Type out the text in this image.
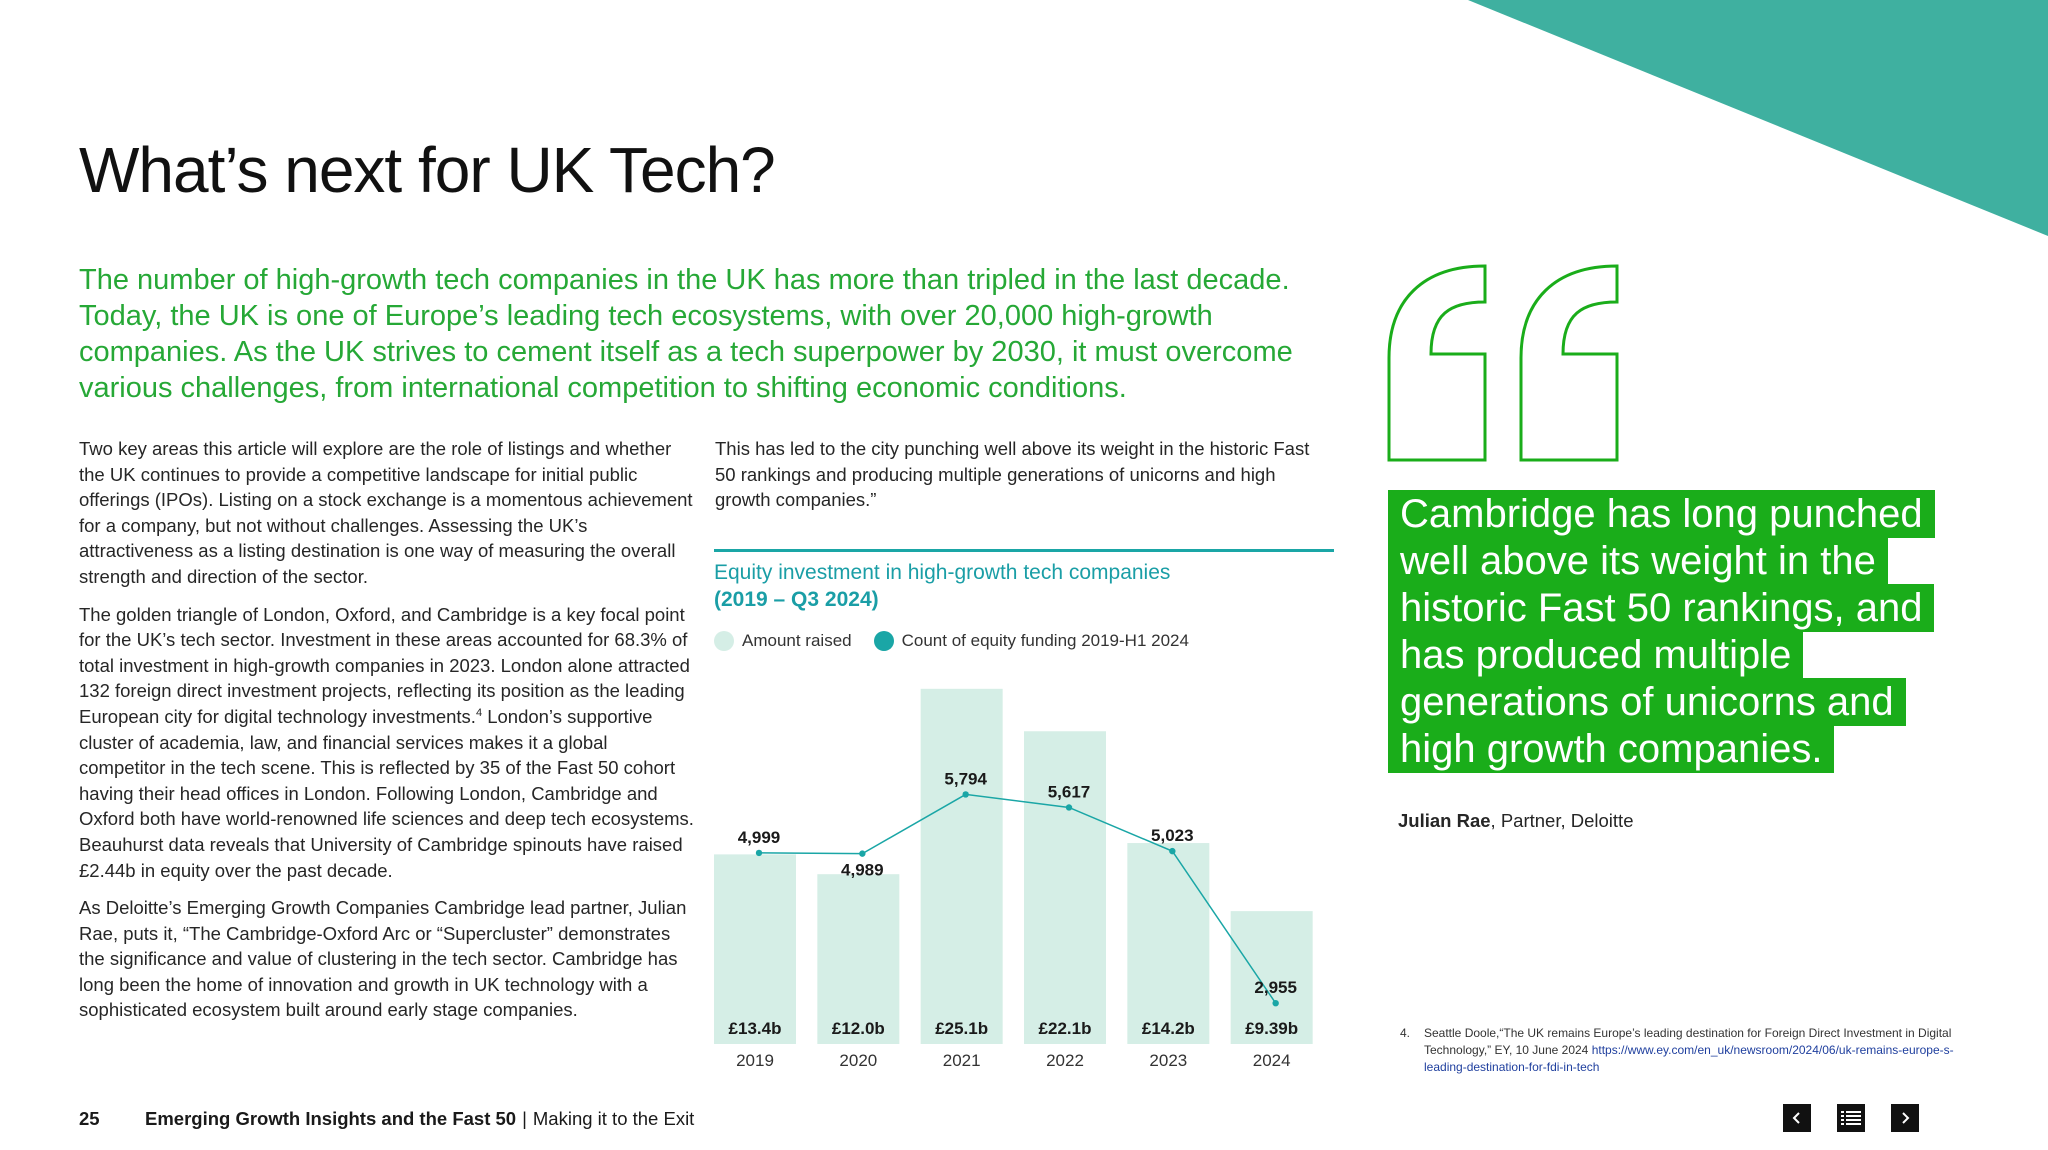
What’s next for UK Tech?
The number of high-growth tech companies in the UK has more than tripled in the last decade. Today, the UK is one of Europe’s leading tech ecosystems, with over 20,000 high-growth companies. As the UK strives to cement itself as a tech superpower by 2030, it must overcome various challenges, from international competition to shifting economic conditions.

Two key areas this article will explore are the role of listings and whether the UK continues to provide a competitive landscape for initial public offerings (IPOs). Listing on a stock exchange is a momentous achievement for a company, but not without challenges. Assessing the UK’s attractiveness as a listing destination is one way of measuring the overall strength and direction of the sector.

The golden triangle of London, Oxford, and Cambridge is a key focal point for the UK’s tech sector. Investment in these areas accounted for 68.3% of total investment in high-growth companies in 2023. London alone attracted 132 foreign direct investment projects, reflecting its position as the leading European city for digital technology investments.$^4$ London’s supportive cluster of academia, law, and financial services makes it a global competitor in the tech scene. This is reflected by 35 of the Fast 50 cohort having their head offices in London. Following London, Cambridge and Oxford both have world-renowned life sciences and deep tech ecosystems. Beauhurst data reveals that University of Cambridge spinouts have raised £2.44b in equity over the past decade.

As Deloitte’s Emerging Growth Companies Cambridge lead partner, Julian Rae, puts it, “The Cambridge-Oxford Arc or “Supercluster” demonstrates the significance and value of clustering in the tech sector. Cambridge has long been the home of innovation and growth in UK technology with a sophisticated ecosystem built around early stage companies.

This has led to the city punching well above its weight in the historic Fast 50 rankings and producing multiple generations of unicorns and high growth companies.”

Equity investment in high-growth tech companies
(2019 – Q3 2024)
Amount raised	Count of equity funding 2019-H1 2024
£13.4b
2019
£12.0b
2020
£25.1b
2021
£22.1b
2022
£14.2b
2023
£9.39b
2024
4,999
4,989
5,794
5,617
5,023
2,955
Cambridge has long punched well above its weight in the historic Fast 50 rankings, and has produced multiple generations of unicorns and high growth companies.
Julian Rae, Partner, Deloitte
4. Seattle Doole,“The UK remains Europe’s leading destination for Foreign Direct Investment in Digital Technology,” EY, 10 June 2024 https://www.ey.com/en_uk/newsroom/2024/06/uk-remains-europe-s-leading-destination-for-fdi-in-tech
25	Emerging Growth Insights and the Fast 50 | Making it to the Exit
